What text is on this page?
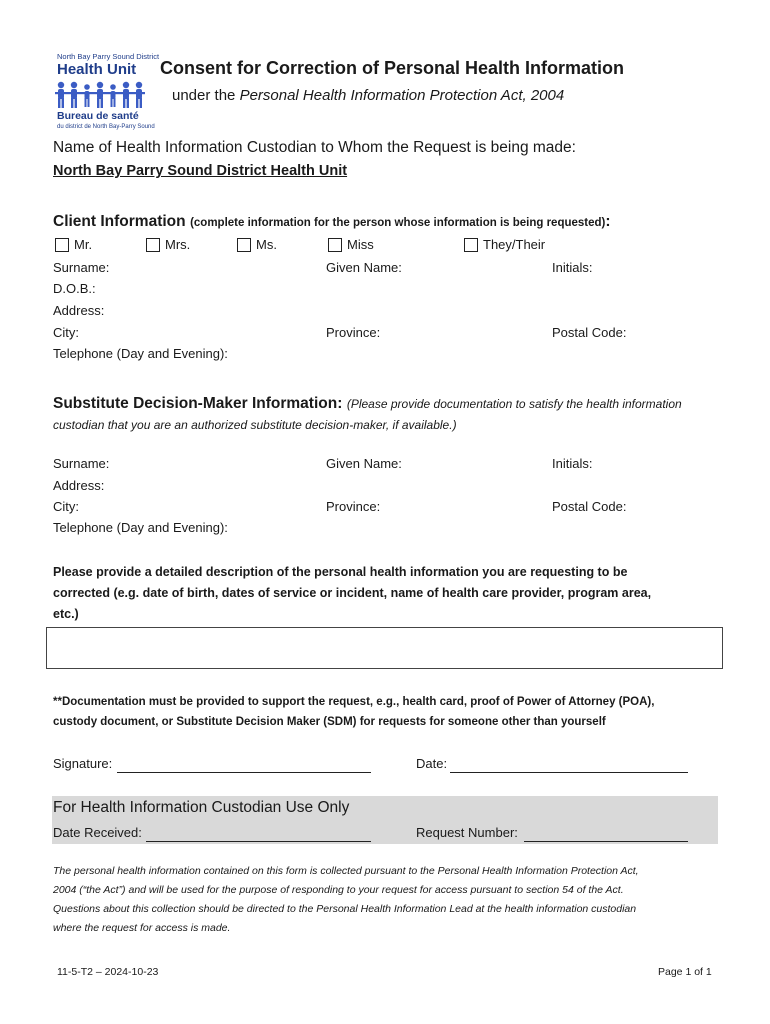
North Bay Parry Sound District
Health Unit
Bureau de santé
du district de North Bay-Parry Sound
Consent for Correction of Personal Health Information
under the Personal Health Information Protection Act, 2004
Name of Health Information Custodian to Whom the Request is being made:
North Bay Parry Sound District Health Unit
Client Information (complete information for the person whose information is being requested):
Mr.	Mrs.	Ms.	Miss	They/Their
Surname:	Given Name:	Initials:
D.O.B.:
Address:
City:	Province:	Postal Code:
Telephone (Day and Evening):
Substitute Decision-Maker Information: (Please provide documentation to satisfy the health information
custodian that you are an authorized substitute decision-maker, if available.)
Surname:	Given Name:	Initials:
Address:
City:	Province:	Postal Code:
Telephone (Day and Evening):
Please provide a detailed description of the personal health information you are requesting to be
corrected (e.g. date of birth, dates of service or incident, name of health care provider, program area,
etc.)
**Documentation must be provided to support the request, e.g., health card, proof of Power of Attorney (POA),
custody document, or Substitute Decision Maker (SDM) for requests for someone other than yourself
Signature:	Date:
For Health Information Custodian Use Only
Date Received:	Request Number:
The personal health information contained on this form is collected pursuant to the Personal Health Information Protection Act,
2004 (“the Act”) and will be used for the purpose of responding to your request for access pursuant to section 54 of the Act.
Questions about this collection should be directed to the Personal Health Information Lead at the health information custodian
where the request for access is made.
11-5-T2 – 2024-10-23	Page 1 of 1
